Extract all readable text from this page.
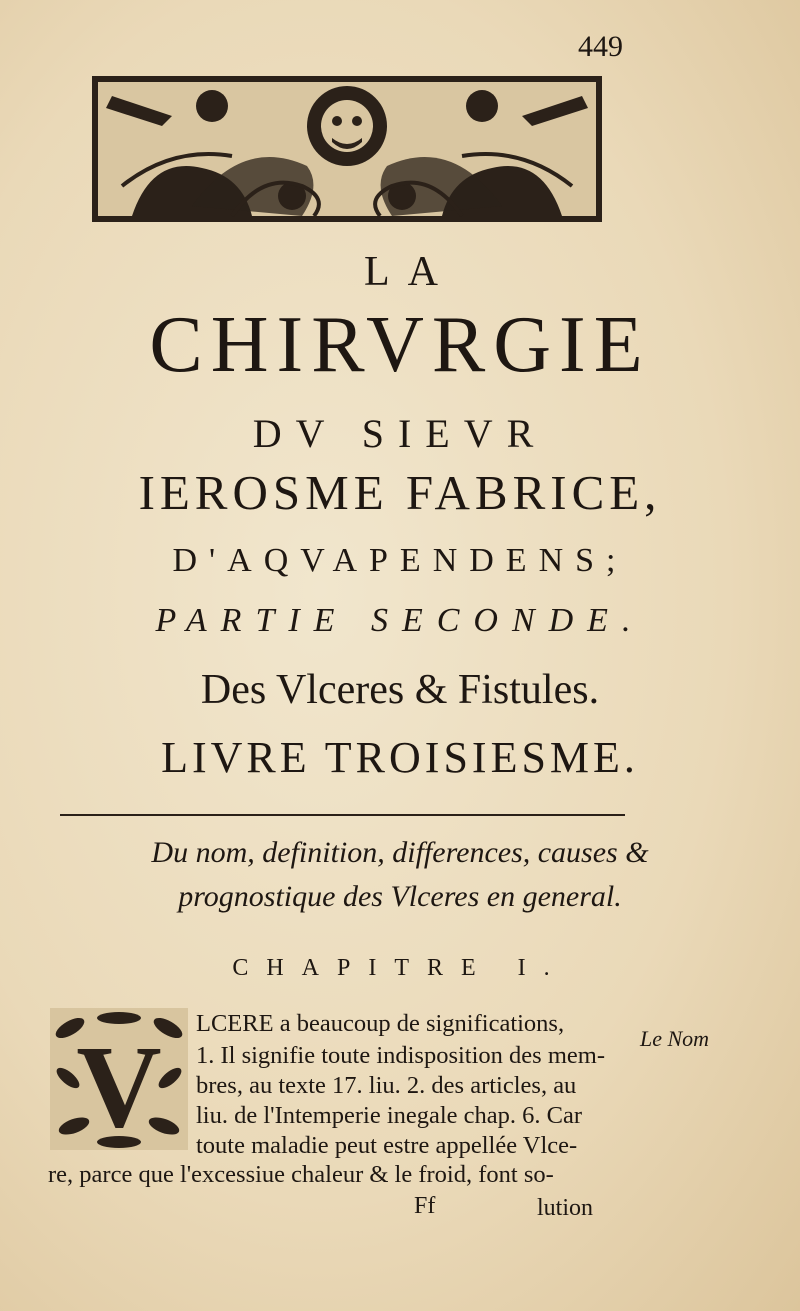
449
LA
CHIRVRGIE
DV SIEVR
IEROSME FABRICE,
D'AQVAPENDENS;
PARTIE SECONDE.
Des Vlceres & Fistules.
LIVRE TROISIESME.
Du nom, definition, differences, causes &
prognostique des Vlceres en general.
CHAPITRE I.
V LCERE a beaucoup de significations,
1. Il signifie toute indisposition des mem-
bres, au texte 17. liu. 2. des articles, au
liu. de l'Intemperie inegale chap. 6. Car
toute maladie peut estre appellée Vlce-
re, parce que l'excessiue chaleur & le froid, font so-
Le Nom
Ff	lution
